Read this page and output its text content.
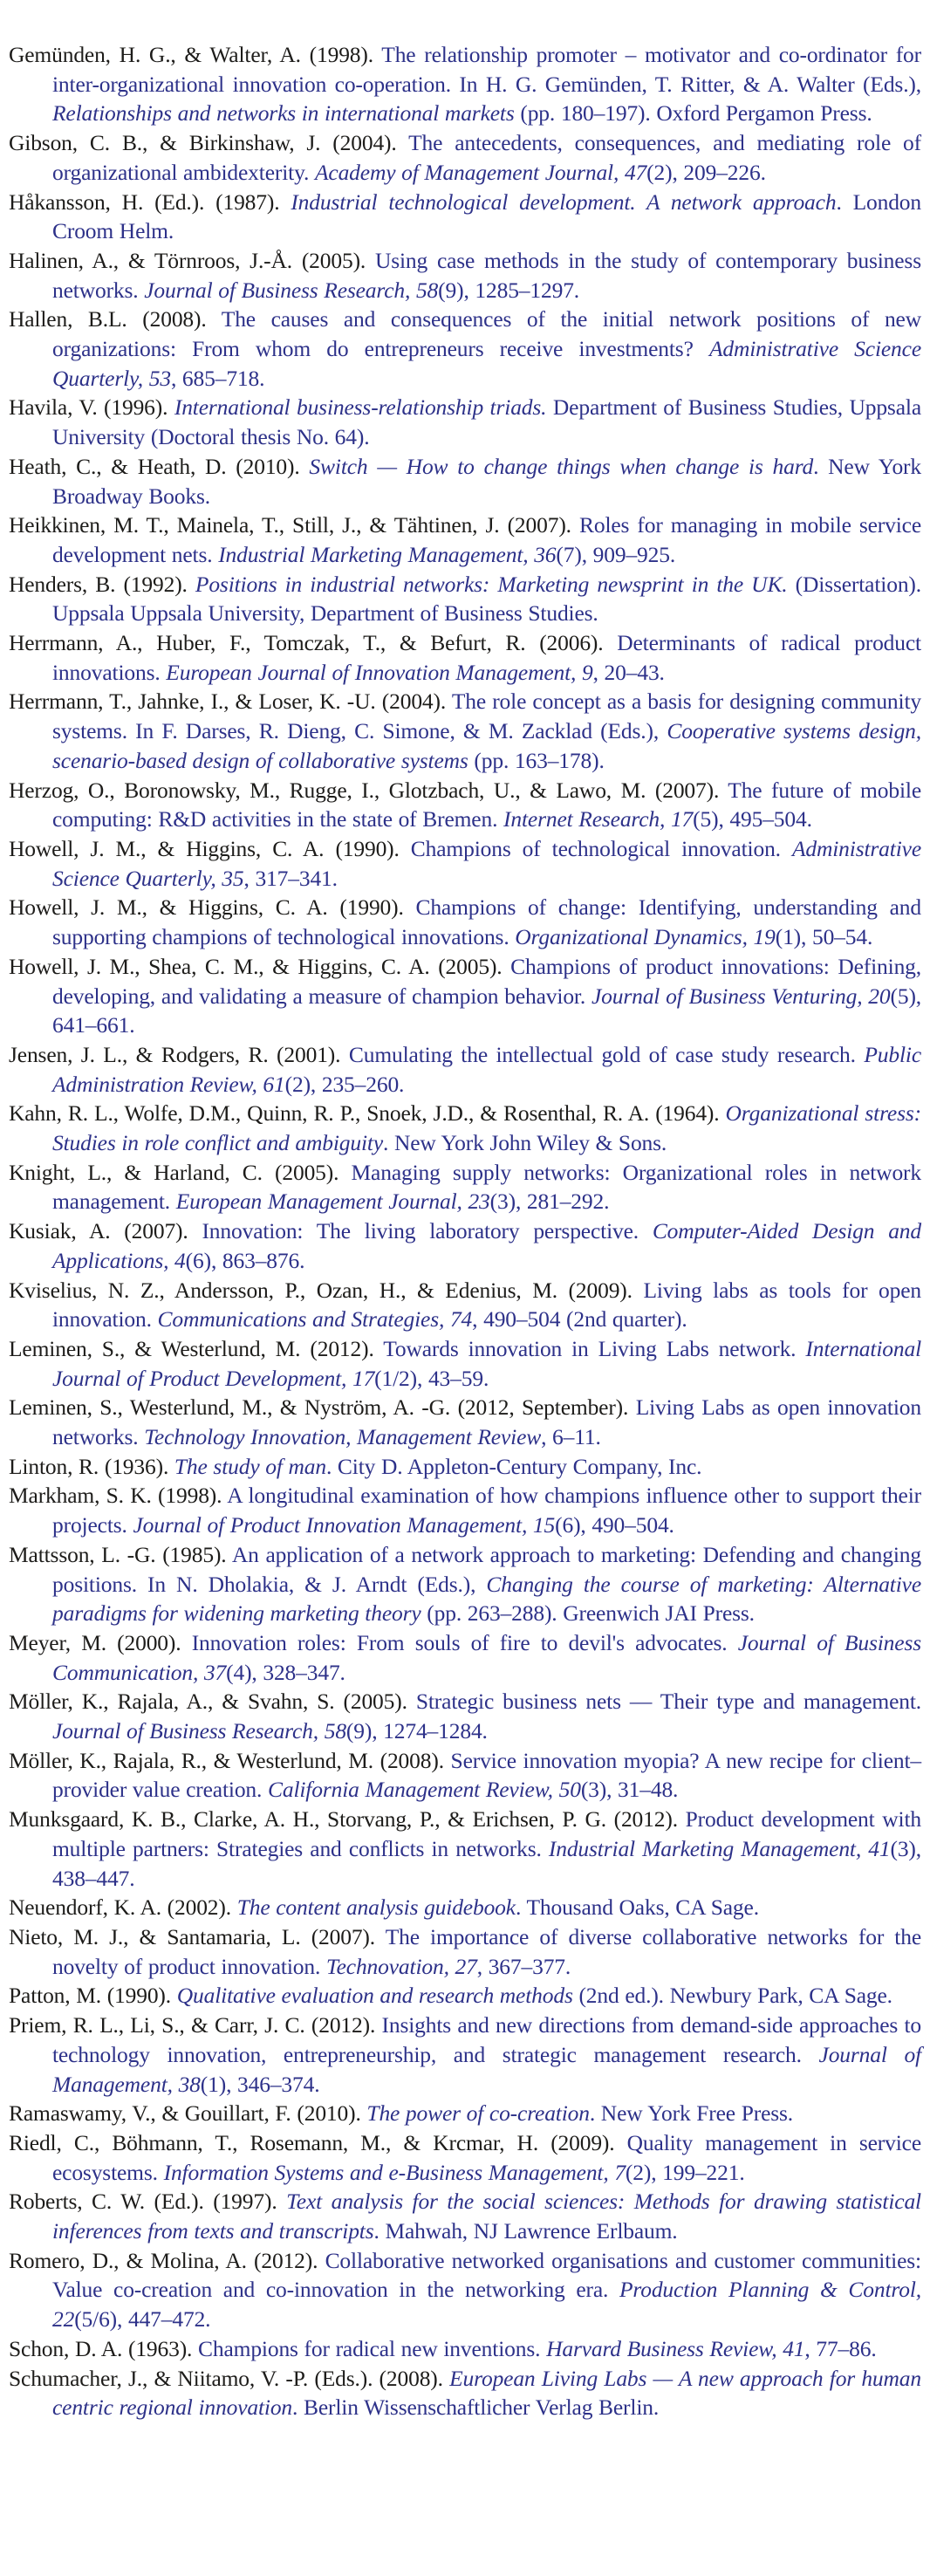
Gemünden, H. G., & Walter, A. (1998). The relationship promoter – motivator and co-ordinator for inter-organizational innovation co-operation. In H. G. Gemünden, T. Ritter, & A. Walter (Eds.), Relationships and networks in international markets (pp. 180–197). Oxford Pergamon Press.

Gibson, C. B., & Birkinshaw, J. (2004). The antecedents, consequences, and mediating role of organizational ambidexterity. Academy of Management Journal, 47(2), 209–226.

Håkansson, H. (Ed.). (1987). Industrial technological development. A network approach. London Croom Helm.

Halinen, A., & Törnroos, J.-Å. (2005). Using case methods in the study of contemporary business networks. Journal of Business Research, 58(9), 1285–1297.

Hallen, B.L. (2008). The causes and consequences of the initial network positions of new organizations: From whom do entrepreneurs receive investments? Administrative Science Quarterly, 53, 685–718.

Havila, V. (1996). International business-relationship triads. Department of Business Studies, Uppsala University (Doctoral thesis No. 64).

Heath, C., & Heath, D. (2010). Switch — How to change things when change is hard. New York Broadway Books.

Heikkinen, M. T., Mainela, T., Still, J., & Tähtinen, J. (2007). Roles for managing in mobile service development nets. Industrial Marketing Management, 36(7), 909–925.

Henders, B. (1992). Positions in industrial networks: Marketing newsprint in the UK. (Dissertation). Uppsala Uppsala University, Department of Business Studies.

Herrmann, A., Huber, F., Tomczak, T., & Befurt, R. (2006). Determinants of radical product innovations. European Journal of Innovation Management, 9, 20–43.

Herrmann, T., Jahnke, I., & Loser, K. -U. (2004). The role concept as a basis for designing community systems. In F. Darses, R. Dieng, C. Simone, & M. Zacklad (Eds.), Cooperative systems design, scenario-based design of collaborative systems (pp. 163–178).

Herzog, O., Boronowsky, M., Rugge, I., Glotzbach, U., & Lawo, M. (2007). The future of mobile computing: R&D activities in the state of Bremen. Internet Research, 17(5), 495–504.

Howell, J. M., & Higgins, C. A. (1990). Champions of technological innovation. Administrative Science Quarterly, 35, 317–341.

Howell, J. M., & Higgins, C. A. (1990). Champions of change: Identifying, understanding and supporting champions of technological innovations. Organizational Dynamics, 19(1), 50–54.

Howell, J. M., Shea, C. M., & Higgins, C. A. (2005). Champions of product innovations: Defining, developing, and validating a measure of champion behavior. Journal of Business Venturing, 20(5), 641–661.

Jensen, J. L., & Rodgers, R. (2001). Cumulating the intellectual gold of case study research. Public Administration Review, 61(2), 235–260.

Kahn, R. L., Wolfe, D.M., Quinn, R. P., Snoek, J.D., & Rosenthal, R. A. (1964). Organizational stress: Studies in role conflict and ambiguity. New York John Wiley & Sons.

Knight, L., & Harland, C. (2005). Managing supply networks: Organizational roles in network management. European Management Journal, 23(3), 281–292.

Kusiak, A. (2007). Innovation: The living laboratory perspective. Computer-Aided Design and Applications, 4(6), 863–876.

Kviselius, N. Z., Andersson, P., Ozan, H., & Edenius, M. (2009). Living labs as tools for open innovation. Communications and Strategies, 74, 490–504 (2nd quarter).

Leminen, S., & Westerlund, M. (2012). Towards innovation in Living Labs network. International Journal of Product Development, 17(1/2), 43–59.

Leminen, S., Westerlund, M., & Nyström, A. -G. (2012, September). Living Labs as open innovation networks. Technology Innovation, Management Review, 6–11.

Linton, R. (1936). The study of man. City D. Appleton-Century Company, Inc.

Markham, S. K. (1998). A longitudinal examination of how champions influence other to support their projects. Journal of Product Innovation Management, 15(6), 490–504.

Mattsson, L. -G. (1985). An application of a network approach to marketing: Defending and changing positions. In N. Dholakia, & J. Arndt (Eds.), Changing the course of marketing: Alternative paradigms for widening marketing theory (pp. 263–288). Greenwich JAI Press.

Meyer, M. (2000). Innovation roles: From souls of fire to devil's advocates. Journal of Business Communication, 37(4), 328–347.

Möller, K., Rajala, A., & Svahn, S. (2005). Strategic business nets — Their type and management. Journal of Business Research, 58(9), 1274–1284.

Möller, K., Rajala, R., & Westerlund, M. (2008). Service innovation myopia? A new recipe for client–provider value creation. California Management Review, 50(3), 31–48.

Munksgaard, K. B., Clarke, A. H., Storvang, P., & Erichsen, P. G. (2012). Product development with multiple partners: Strategies and conflicts in networks. Industrial Marketing Management, 41(3), 438–447.

Neuendorf, K. A. (2002). The content analysis guidebook. Thousand Oaks, CA Sage.

Nieto, M. J., & Santamaria, L. (2007). The importance of diverse collaborative networks for the novelty of product innovation. Technovation, 27, 367–377.

Patton, M. (1990). Qualitative evaluation and research methods (2nd ed.). Newbury Park, CA Sage.

Priem, R. L., Li, S., & Carr, J. C. (2012). Insights and new directions from demand-side approaches to technology innovation, entrepreneurship, and strategic management research. Journal of Management, 38(1), 346–374.

Ramaswamy, V., & Gouillart, F. (2010). The power of co-creation. New York Free Press.

Riedl, C., Böhmann, T., Rosemann, M., & Krcmar, H. (2009). Quality management in service ecosystems. Information Systems and e-Business Management, 7(2), 199–221.

Roberts, C. W. (Ed.). (1997). Text analysis for the social sciences: Methods for drawing statistical inferences from texts and transcripts. Mahwah, NJ Lawrence Erlbaum.

Romero, D., & Molina, A. (2012). Collaborative networked organisations and customer communities: Value co-creation and co-innovation in the networking era. Production Planning & Control, 22(5/6), 447–472.

Schon, D. A. (1963). Champions for radical new inventions. Harvard Business Review, 41, 77–86.

Schumacher, J., & Niitamo, V. -P. (Eds.). (2008). European Living Labs — A new approach for human centric regional innovation. Berlin Wissenschaftlicher Verlag Berlin.
